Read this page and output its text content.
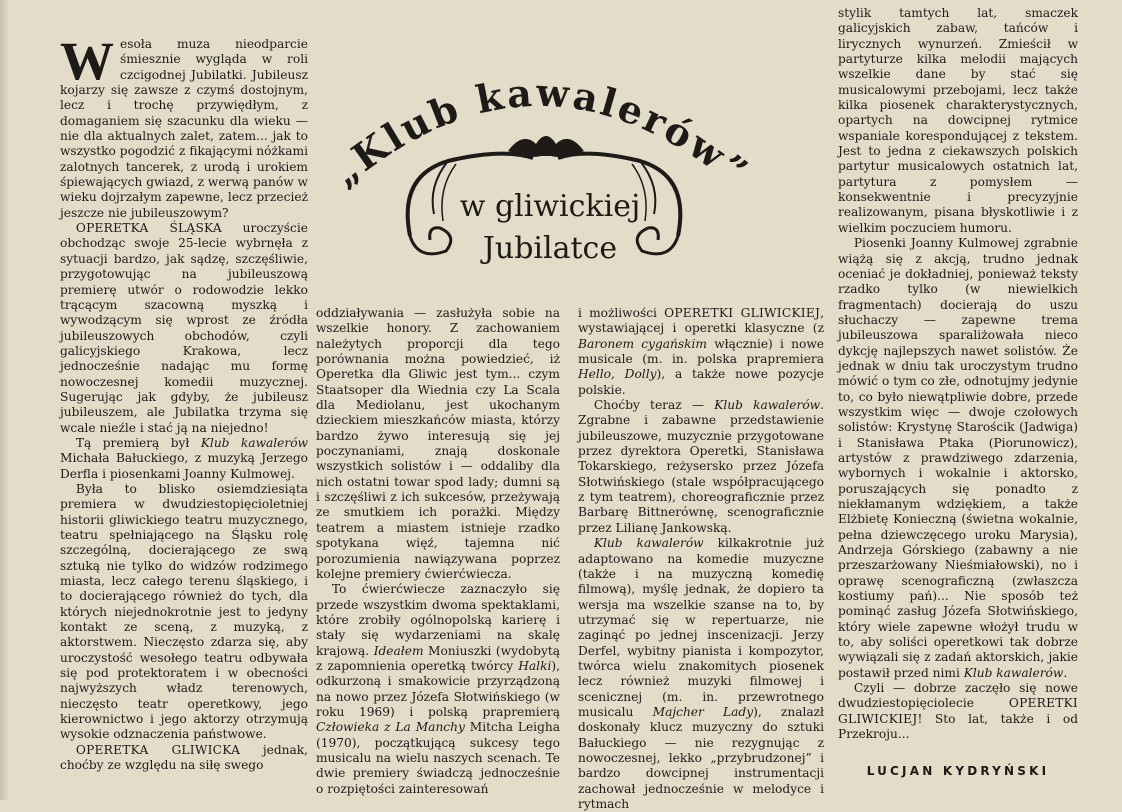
„Klub kawalerów”
w gliwickiej
Jubilatce

Wesoła muza nieodparcie śmiesznie wygląda w roli czcigodnej Jubilatki. Jubileusz kojarzy się zawsze z czymś dostojnym, lecz i trochę przywiędłym, z domaganiem się szacunku dla wieku — nie dla aktualnych zalet, zatem... jak to wszystko pogodzić z fikającymi nóżkami zalotnych tancerek, z urodą i urokiem śpiewających gwiazd, z werwą panów w wieku dojrzałym zapewne, lecz przecież jeszcze nie jubileuszowym?

OPERETKA ŚLĄSKA uroczyście obchodząc swoje 25-lecie wybrnęła z sytuacji bardzo, jak sądzę, szczęśliwie, przygotowując na jubileuszową premierę utwór o rodowodzie lekko trącącym szacowną myszką i wywodzącym się wprost ze źródła jubileuszowych obchodów, czyli galicyjskiego Krakowa, lecz jednocześnie nadając mu formę nowoczesnej komedii muzycznej. Sugerując jak gdyby, że jubileusz jubileuszem, ale Jubilatka trzyma się wcale nieźle i stać ją na niejedno!

Tą premierą był Klub kawalerów Michała Bałuckiego, z muzyką Jerzego Derfla i piosenkami Joanny Kulmowej.

Była to blisko osiemdziesiąta premiera w dwudziestopięcioletniej historii gliwickiego teatru muzycznego, teatru spełniającego na Śląsku rolę szczególną, docierającego ze swą sztuką nie tylko do widzów rodzimego miasta, lecz całego terenu śląskiego, i to docierającego również do tych, dla których niejednokrotnie jest to jedyny kontakt ze sceną, z muzyką, z aktorstwem. Nieczęsto zdarza się, aby uroczystość wesołego teatru odbywała się pod protektoratem i w obecności najwyższych władz terenowych, nieczęsto teatr operetkowy, jego kierownictwo i jego aktorzy otrzymują wysokie odznaczenia państwowe.

OPERETKA GLIWICKA jednak, choćby ze względu na siłę swego

oddziaływania — zasłużyła sobie na wszelkie honory. Z zachowaniem należytych proporcji dla tego porównania można powiedzieć, iż Operetka dla Gliwic jest tym... czym Staatsoper dla Wiednia czy La Scala dla Mediolanu, jest ukochanym dzieckiem mieszkańców miasta, którzy bardzo żywo interesują się jej poczynaniami, znają doskonale wszystkich solistów i — oddaliby dla nich ostatni towar spod lady; dumni są i szczęśliwi z ich sukcesów, przeżywają ze smutkiem ich porażki. Między teatrem a miastem istnieje rzadko spotykana więź, tajemna nić porozumienia nawiązywana poprzez kolejne premiery ćwierćwiecza.

To ćwierćwiecze zaznaczyło się przede wszystkim dwoma spektaklami, które zrobiły ogólnopolską karierę i stały się wydarzeniami na skalę krajową. Ideałem Moniuszki (wydobytą z zapomnienia operetką twórcy Halki), odkurzoną i smakowicie przyrządzoną na nowo przez Józefa Słotwińskiego (w roku 1969) i polską prapremierą Człowieka z La Manchy Mitcha Leigha (1970), początkującą sukcesy tego musicalu na wielu naszych scenach. Te dwie premiery świadczą jednocześnie o rozpiętości zainteresowań

i możliwości OPERETKI GLIWICKIEJ, wystawiającej i operetki klasyczne (z Baronem cygańskim włącznie) i nowe musicale (m. in. polska prapremiera Hello, Dolly), a także nowe pozycje polskie.

Choćby teraz — Klub kawalerów. Zgrabne i zabawne przedstawienie jubileuszowe, muzycznie przygotowane przez dyrektora Operetki, Stanisława Tokarskiego, reżysersko przez Józefa Słotwińskiego (stale współpracującego z tym teatrem), choreograficznie przez Barbarę Bittnerównę, scenograficznie przez Lilianę Jankowską.

Klub kawalerów kilkakrotnie już adaptowano na komedie muzyczne (także i na muzyczną komedię filmową), myślę jednak, że dopiero ta wersja ma wszelkie szanse na to, by utrzymać się w repertuarze, nie zaginąć po jednej inscenizacji. Jerzy Derfel, wybitny pianista i kompozytor, twórca wielu znakomitych piosenek lecz również muzyki filmowej i scenicznej (m. in. przewrotnego musicalu Majcher Lady), znalazł doskonały klucz muzyczny do sztuki Bałuckiego — nie rezygnując z nowoczesnej, lekko „przybrudzonej” i bardzo dowcipnej instrumentacji zachował jednocześnie w melodyce i rytmach

stylik tamtych lat, smaczek galicyjskich zabaw, tańców i lirycznych wynurzeń. Zmieścił w partyturze kilka melodii mających wszelkie dane by stać się musicalowymi przebojami, lecz także kilka piosenek charakterystycznych, opartych na dowcipnej rytmice wspaniale korespondującej z tekstem. Jest to jedna z ciekawszych polskich partytur musicalowych ostatnich lat, partytura z pomysłem — konsekwentnie i precyzyjnie realizowanym, pisana błyskotliwie i z wielkim poczuciem humoru.

Piosenki Joanny Kulmowej zgrabnie wiążą się z akcją, trudno jednak oceniać je dokładniej, ponieważ teksty rzadko tylko (w niewielkich fragmentach) docierają do uszu słuchaczy — zapewne trema jubileuszowa sparaliżowała nieco dykcję najlepszych nawet solistów. Że jednak w dniu tak uroczystym trudno mówić o tym co złe, odnotujmy jedynie to, co było niewątpliwie dobre, przede wszystkim więc — dwoje czołowych solistów: Krystynę Starościk (Jadwiga) i Stanisława Ptaka (Piorunowicz), artystów z prawdziwego zdarzenia, wybornych i wokalnie i aktorsko, poruszających się ponadto z niekłamanym wdziękiem, a także Elżbietę Konieczną (świetna wokalnie, pełna dziewczęcego uroku Marysia), Andrzeja Górskiego (zabawny a nie przeszarżowany Nieśmiałowski), no i oprawę scenograficzną (zwłaszcza kostiumy pań)... Nie sposób też pominąć zasług Józefa Słotwińskiego, który wiele zapewne włożył trudu w to, aby soliści operetkowi tak dobrze wywiązali się z zadań aktorskich, jakie postawił przed nimi Klub kawalerów.

Czyli — dobrze zaczęło się nowe dwudziestopięciolecie OPERETKI GLIWICKIEJ! Sto lat, także i od Przekroju...

LUCJAN KYDRYŃSKI
